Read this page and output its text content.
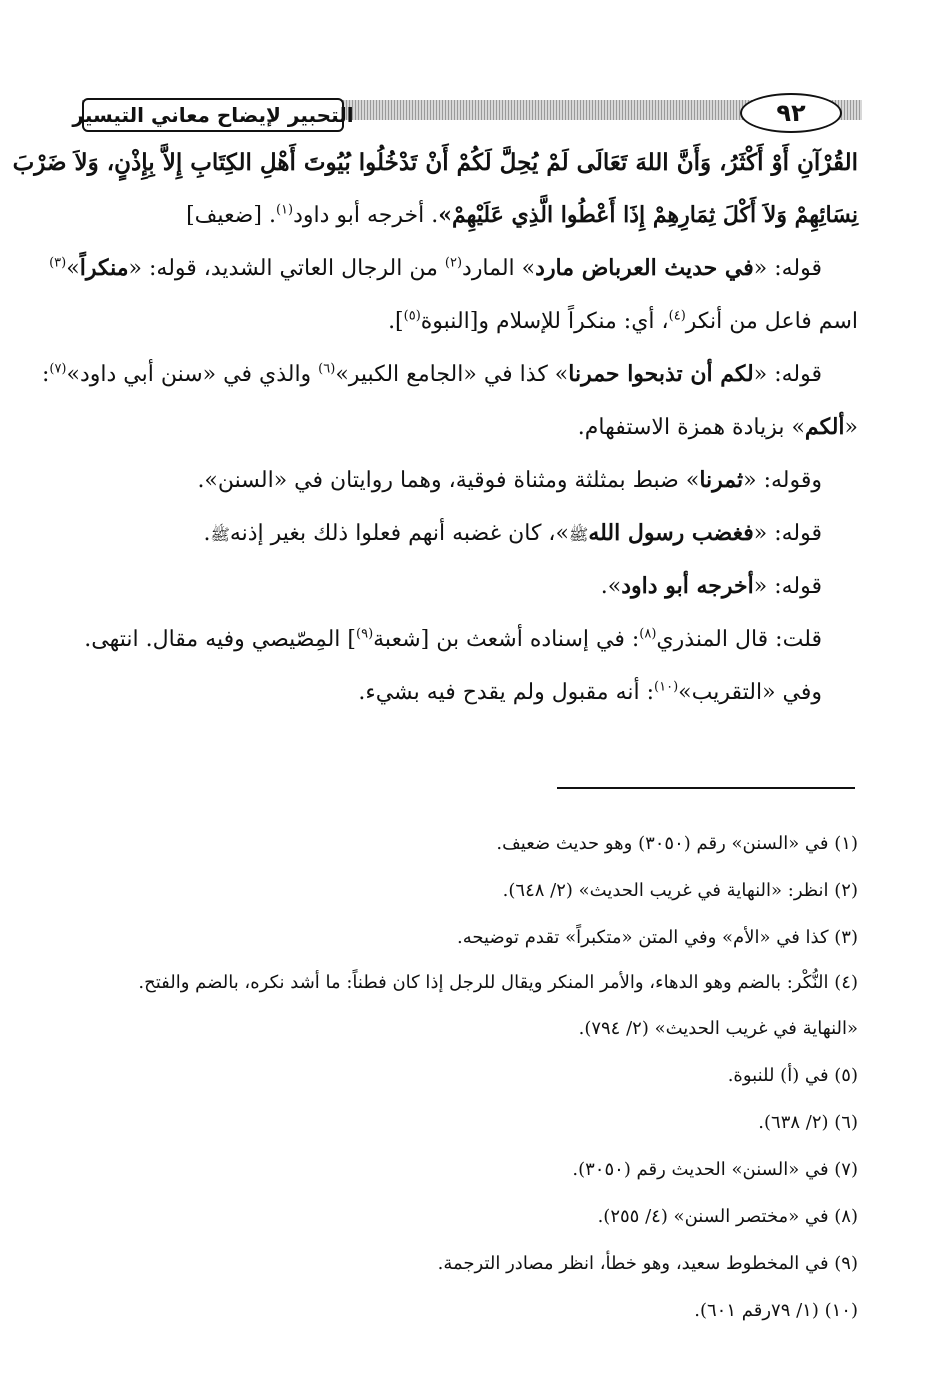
التحبير لإيضاح معاني التيسير	٩٢
القُرْآنِ أَوْ أَكْثَرُ، وَأَنَّ اللهَ تَعَالَى لَمْ يُحِلَّ لَكُمْ أَنْ تَدْخُلُوا بُيُوتَ أَهْلِ الكِتَابِ إِلاَّ بِإِذْنٍ، وَلاَ ضَرْبَ
نِسَائِهِمْ وَلاَ أَكْلَ ثِمَارِهِمْ إِذَا أَعْطُوا الَّذِي عَلَيْهِمْ». أخرجه أبو داود$^{(١)}$. [ضعيف]
قوله: «في حديث العرباض مارد» المارد$^{(٢)}$ من الرجال العاتي الشديد، قوله: «منكراً»$^{(٣)}$
اسم فاعل من أنكر$^{(٤)}$، أي: منكراً للإسلام و[النبوة$^{(٥)}$].
قوله: «لكم أن تذبحوا حمرنا» كذا في «الجامع الكبير»$^{(٦)}$ والذي في «سنن أبي داود»$^{(٧)}$:
«ألكم» بزيادة همزة الاستفهام.
وقوله: «ثمرنا» ضبط بمثلثة ومثناة فوقية، وهما روايتان في «السنن».
قوله: «فغضب رسول اللهﷺ»، كان غضبه أنهم فعلوا ذلك بغير إذنهﷺ.
قوله: «أخرجه أبو داود».
قلت: قال المنذري$^{(٨)}$: في إسناده أشعث بن [شعبة$^{(٩)}$] المِصّيصي وفيه مقال. انتهى.
وفي «التقريب»$^{(١٠)}$: أنه مقبول ولم يقدح فيه بشيء.
(١) في «السنن» رقم (٣٠٥٠) وهو حديث ضعيف.
(٢) انظر: «النهاية في غريب الحديث» (٢/ ٦٤٨).
(٣) كذا في «الأم» وفي المتن «متكبراً» تقدم توضيحه.
(٤) النُّكْر: بالضم وهو الدهاء، والأمر المنكر ويقال للرجل إذا كان فطناً: ما أشد نكره، بالضم والفتح.
«النهاية في غريب الحديث» (٢/ ٧٩٤).
(٥) في (أ) للنبوة.
(٦) (٢/ ٦٣٨).
(٧) في «السنن» الحديث رقم (٣٠٥٠).
(٨) في «مختصر السنن» (٤/ ٢٥٥).
(٩) في المخطوط سعيد، وهو خطأ، انظر مصادر الترجمة.
(١٠) (١/ ٧٩رقم ٦٠١).
